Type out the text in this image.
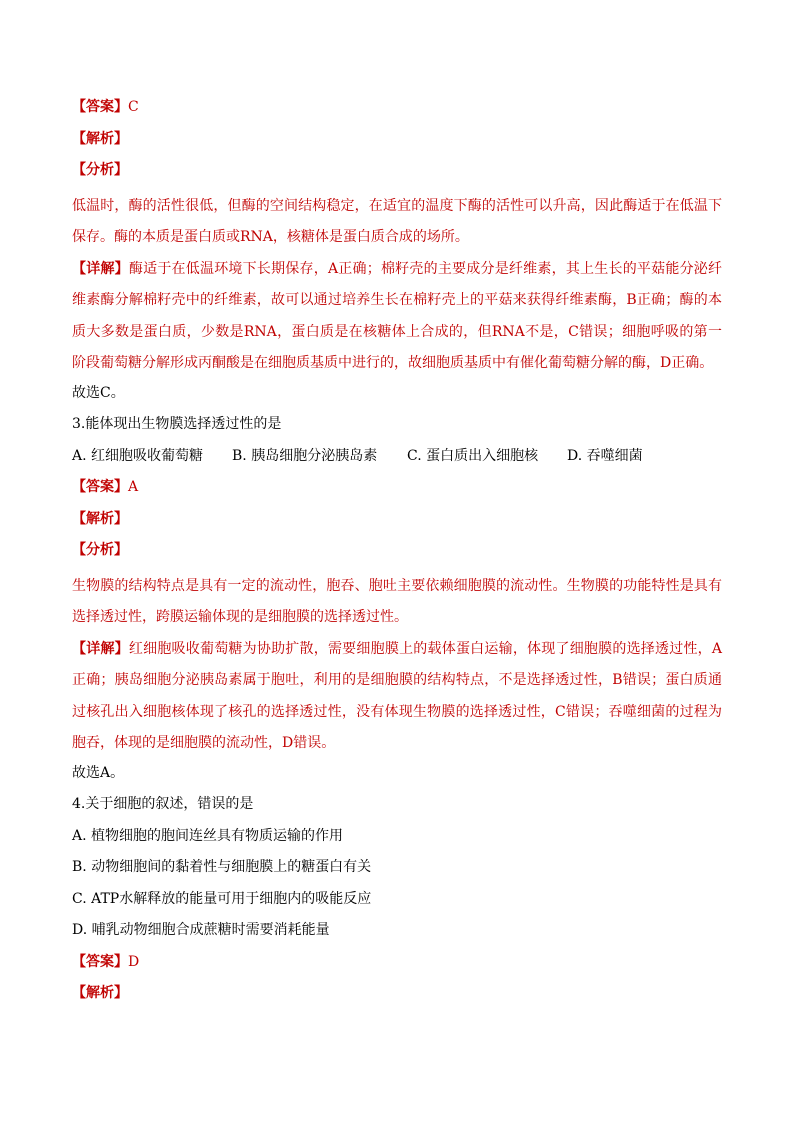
【答案】C
【解析】
【分析】
低温时，酶的活性很低，但酶的空间结构稳定，在适宜的温度下酶的活性可以升高，因此酶适于在低温下保存。酶的本质是蛋白质或RNA，核糖体是蛋白质合成的场所。
【详解】酶适于在低温环境下长期保存，A正确；棉籽壳的主要成分是纤维素，其上生长的平菇能分泌纤维素酶分解棉籽壳中的纤维素，故可以通过培养生长在棉籽壳上的平菇来获得纤维素酶，B正确；酶的本质大多数是蛋白质，少数是RNA，蛋白质是在核糖体上合成的，但RNA不是，C错误；细胞呼吸的第一阶段葡萄糖分解形成丙酮酸是在细胞质基质中进行的，故细胞质基质中有催化葡萄糖分解的酶，D正确。
故选C。
3.能体现出生物膜选择透过性的是
A. 红细胞吸收葡萄糖 B. 胰岛细胞分泌胰岛素 C. 蛋白质出入细胞核 D. 吞噬细菌
【答案】A
【解析】
【分析】
生物膜的结构特点是具有一定的流动性，胞吞、胞吐主要依赖细胞膜的流动性。生物膜的功能特性是具有选择透过性，跨膜运输体现的是细胞膜的选择透过性。
【详解】红细胞吸收葡萄糖为协助扩散，需要细胞膜上的载体蛋白运输，体现了细胞膜的选择透过性，A正确；胰岛细胞分泌胰岛素属于胞吐，利用的是细胞膜的结构特点，不是选择透过性，B错误；蛋白质通过核孔出入细胞核体现了核孔的选择透过性，没有体现生物膜的选择透过性，C错误；吞噬细菌的过程为胞吞，体现的是细胞膜的流动性，D错误。
故选A。
4.关于细胞的叙述，错误的是
A. 植物细胞的胞间连丝具有物质运输的作用
B. 动物细胞间的黏着性与细胞膜上的糖蛋白有关
C. ATP水解释放的能量可用于细胞内的吸能反应
D. 哺乳动物细胞合成蔗糖时需要消耗能量
【答案】D
【解析】
